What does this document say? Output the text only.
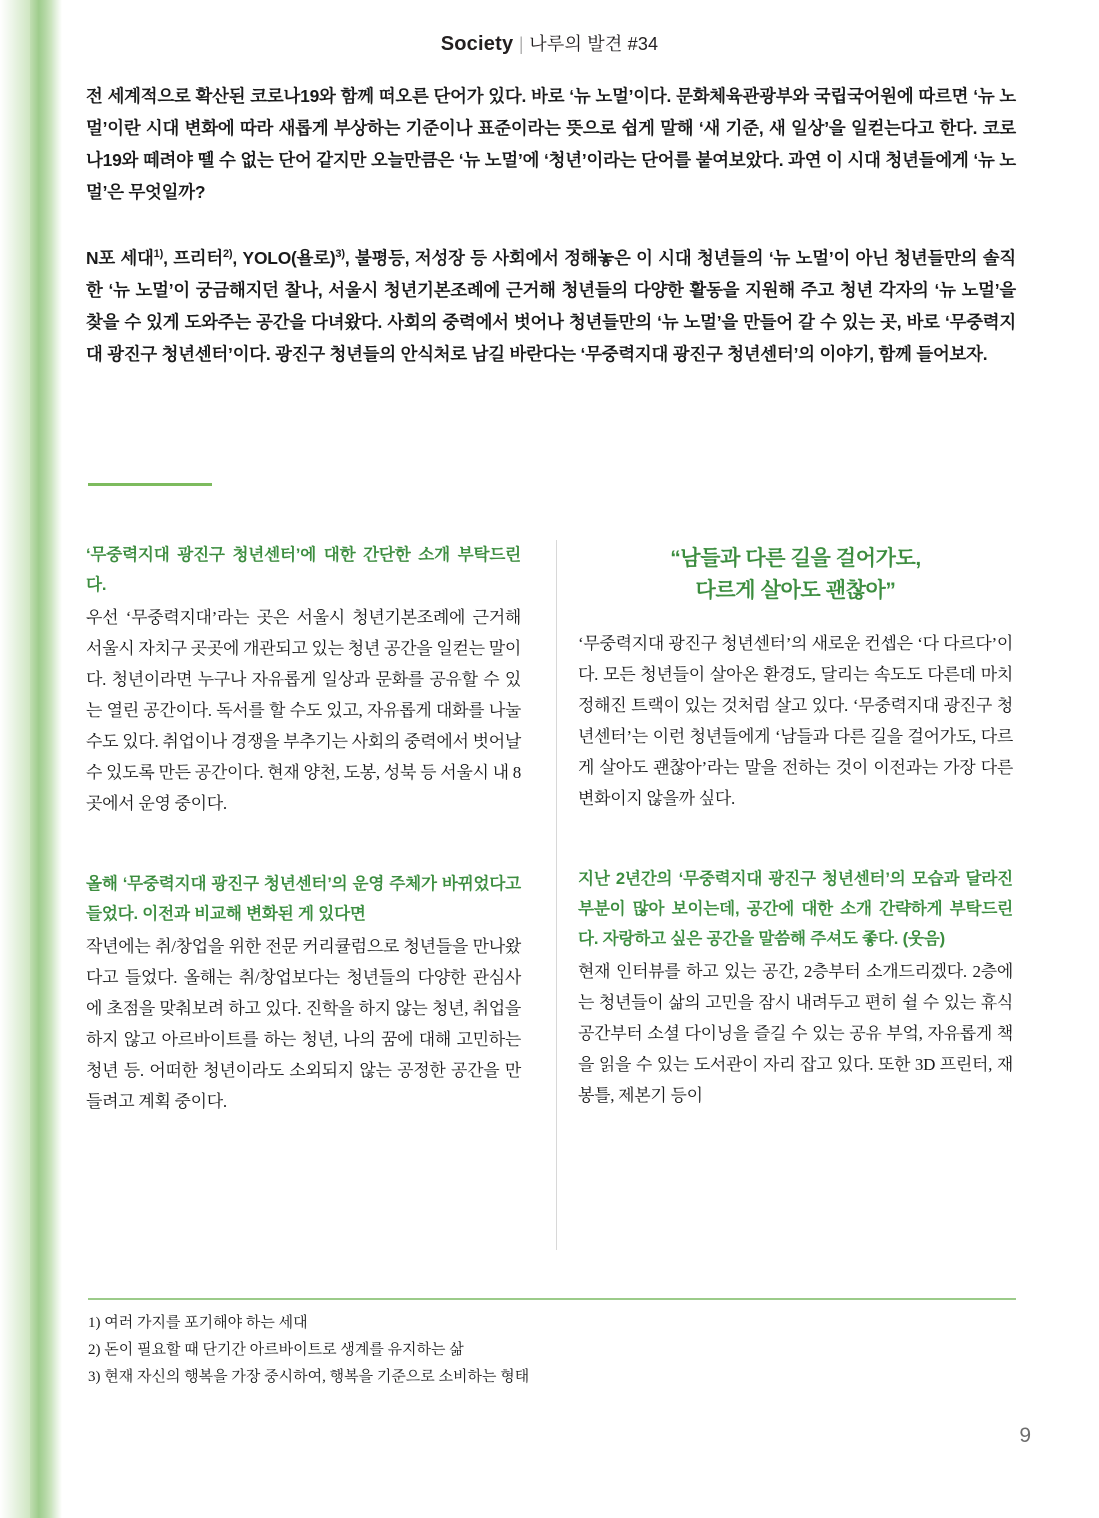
Society | 나루의 발견 #34

전 세계적으로 확산된 코로나19와 함께 떠오른 단어가 있다. 바로 ‘뉴 노멀’이다. 문화체육관광부와 국립국어원에 따르면 ‘뉴 노멀’이란 시대 변화에 따라 새롭게 부상하는 기준이나 표준이라는 뜻으로 쉽게 말해 ‘새 기준, 새 일상’을 일컫는다고 한다. 코로나19와 떼려야 뗄 수 없는 단어 같지만 오늘만큼은 ‘뉴 노멀’에 ‘청년’이라는 단어를 붙여보았다. 과연 이 시대 청년들에게 ‘뉴 노멀’은 무엇일까?

N포 세대$^{1)}$, 프리터$^{2)}$, YOLO(욜로)$^{3)}$, 불평등, 저성장 등 사회에서 정해놓은 이 시대 청년들의 ‘뉴 노멀’이 아닌 청년들만의 솔직한 ‘뉴 노멀’이 궁금해지던 찰나, 서울시 청년기본조례에 근거해 청년들의 다양한 활동을 지원해 주고 청년 각자의 ‘뉴 노멀’을 찾을 수 있게 도와주는 공간을 다녀왔다. 사회의 중력에서 벗어나 청년들만의 ‘뉴 노멀’을 만들어 갈 수 있는 곳, 바로 ‘무중력지대 광진구 청년센터’이다. 광진구 청년들의 안식처로 남길 바란다는 ‘무중력지대 광진구 청년센터’의 이야기, 함께 들어보자.

‘무중력지대 광진구 청년센터’에 대한 간단한 소개 부탁드린다.

우선 ‘무중력지대’라는 곳은 서울시 청년기본조례에 근거해 서울시 자치구 곳곳에 개관되고 있는 청년 공간을 일컫는 말이다. 청년이라면 누구나 자유롭게 일상과 문화를 공유할 수 있는 열린 공간이다. 독서를 할 수도 있고, 자유롭게 대화를 나눌 수도 있다. 취업이나 경쟁을 부추기는 사회의 중력에서 벗어날 수 있도록 만든 공간이다. 현재 양천, 도봉, 성북 등 서울시 내 8곳에서 운영 중이다.

올해 ‘무중력지대 광진구 청년센터’의 운영 주체가 바뀌었다고 들었다. 이전과 비교해 변화된 게 있다면

작년에는 취/창업을 위한 전문 커리큘럼으로 청년들을 만나왔다고 들었다. 올해는 취/창업보다는 청년들의 다양한 관심사에 초점을 맞춰보려 하고 있다. 진학을 하지 않는 청년, 취업을 하지 않고 아르바이트를 하는 청년, 나의 꿈에 대해 고민하는 청년 등. 어떠한 청년이라도 소외되지 않는 공정한 공간을 만들려고 계획 중이다.

“남들과 다른 길을 걸어가도,

다르게 살아도 괜찮아”

‘무중력지대 광진구 청년센터’의 새로운 컨셉은 ‘다 다르다’이다. 모든 청년들이 살아온 환경도, 달리는 속도도 다른데 마치 정해진 트랙이 있는 것처럼 살고 있다. ‘무중력지대 광진구 청년센터’는 이런 청년들에게 ‘남들과 다른 길을 걸어가도, 다르게 살아도 괜찮아’라는 말을 전하는 것이 이전과는 가장 다른 변화이지 않을까 싶다.

지난 2년간의 ‘무중력지대 광진구 청년센터’의 모습과 달라진 부분이 많아 보이는데, 공간에 대한 소개 간략하게 부탁드린다. 자랑하고 싶은 공간을 말씀해 주셔도 좋다. (웃음)

현재 인터뷰를 하고 있는 공간, 2층부터 소개드리겠다. 2층에는 청년들이 삶의 고민을 잠시 내려두고 편히 쉴 수 있는 휴식 공간부터 소셜 다이닝을 즐길 수 있는 공유 부엌, 자유롭게 책을 읽을 수 있는 도서관이 자리 잡고 있다. 또한 3D 프린터, 재봉틀, 제본기 등이

1) 여러 가지를 포기해야 하는 세대
2) 돈이 필요할 때 단기간 아르바이트로 생계를 유지하는 삶
3) 현재 자신의 행복을 가장 중시하여, 행복을 기준으로 소비하는 형태
9
